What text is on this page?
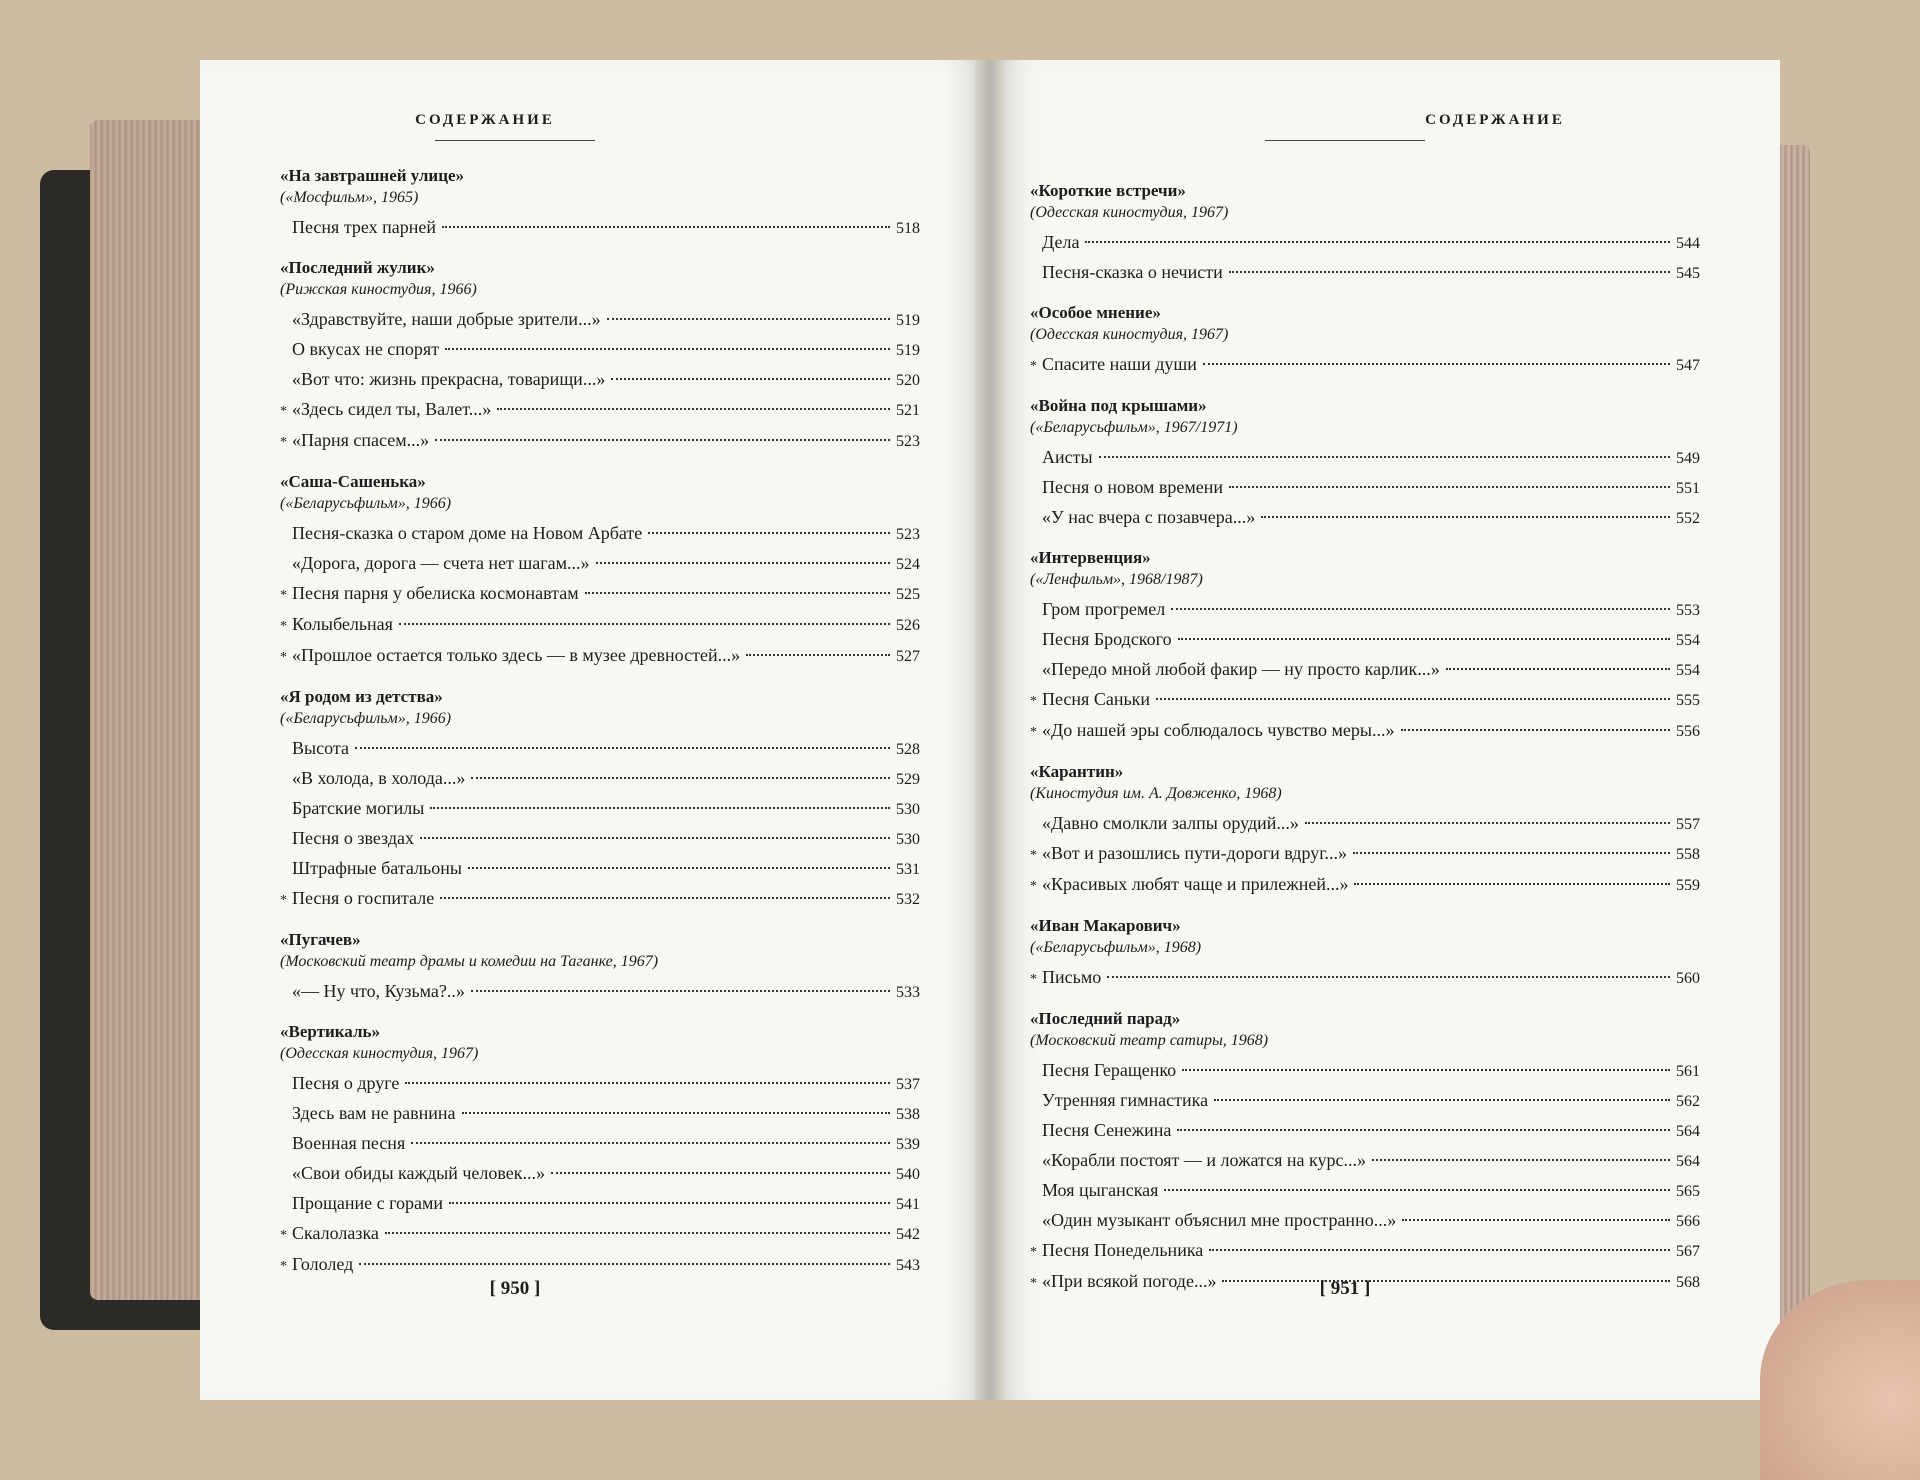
СОДЕРЖАНИЕ
«На завтрашней улице»
(«Мосфильм», 1965)
Песня трех парней	518
«Последний жулик»
(Рижская киностудия, 1966)
«Здравствуйте, наши добрые зрители...»	519
О вкусах не спорят	519
«Вот что: жизнь прекрасна, товарищи...»	520
* «Здесь сидел ты, Валет...»	521
* «Парня спасем...»	523
«Саша-Сашенька»
(«Беларусьфильм», 1966)
Песня-сказка о старом доме на Новом Арбате	523
«Дорога, дорога — счета нет шагам...»	524
* Песня парня у обелиска космонавтам	525
* Колыбельная	526
* «Прошлое остается только здесь — в музее древностей...»	527
«Я родом из детства»
(«Беларусьфильм», 1966)
Высота	528
«В холода, в холода...»	529
Братские могилы	530
Песня о звездах	530
Штрафные батальоны	531
* Песня о госпитале	532
«Пугачев»
(Московский театр драмы и комедии на Таганке, 1967)
«— Ну что, Кузьма?..»	533
«Вертикаль»
(Одесская киностудия, 1967)
Песня о друге	537
Здесь вам не равнина	538
Военная песня	539
«Свои обиды каждый человек...»	540
Прощание с горами	541
* Скалолазка	542
* Гололед	543
[ 950 ]
СОДЕРЖАНИЕ
«Короткие встречи»
(Одесская киностудия, 1967)
Дела	544
Песня-сказка о нечисти	545
«Особое мнение»
(Одесская киностудия, 1967)
* Спасите наши души	547
«Война под крышами»
(«Беларусьфильм», 1967/1971)
Аисты	549
Песня о новом времени	551
«У нас вчера с позавчера...»	552
«Интервенция»
(«Ленфильм», 1968/1987)
Гром прогремел	553
Песня Бродского	554
«Передо мной любой факир — ну просто карлик...»	554
* Песня Саньки	555
* «До нашей эры соблюдалось чувство меры...»	556
«Карантин»
(Киностудия им. А. Довженко, 1968)
«Давно смолкли залпы орудий...»	557
* «Вот и разошлись пути-дороги вдруг...»	558
* «Красивых любят чаще и прилежней...»	559
«Иван Макарович»
(«Беларусьфильм», 1968)
* Письмо	560
«Последний парад»
(Московский театр сатиры, 1968)
Песня Геращенко	561
Утренняя гимнастика	562
Песня Сенежина	564
«Корабли постоят — и ложатся на курс...»	564
Моя цыганская	565
«Один музыкант объяснил мне пространно...»	566
* Песня Понедельника	567
* «При всякой погоде...»	568
[ 951 ]
